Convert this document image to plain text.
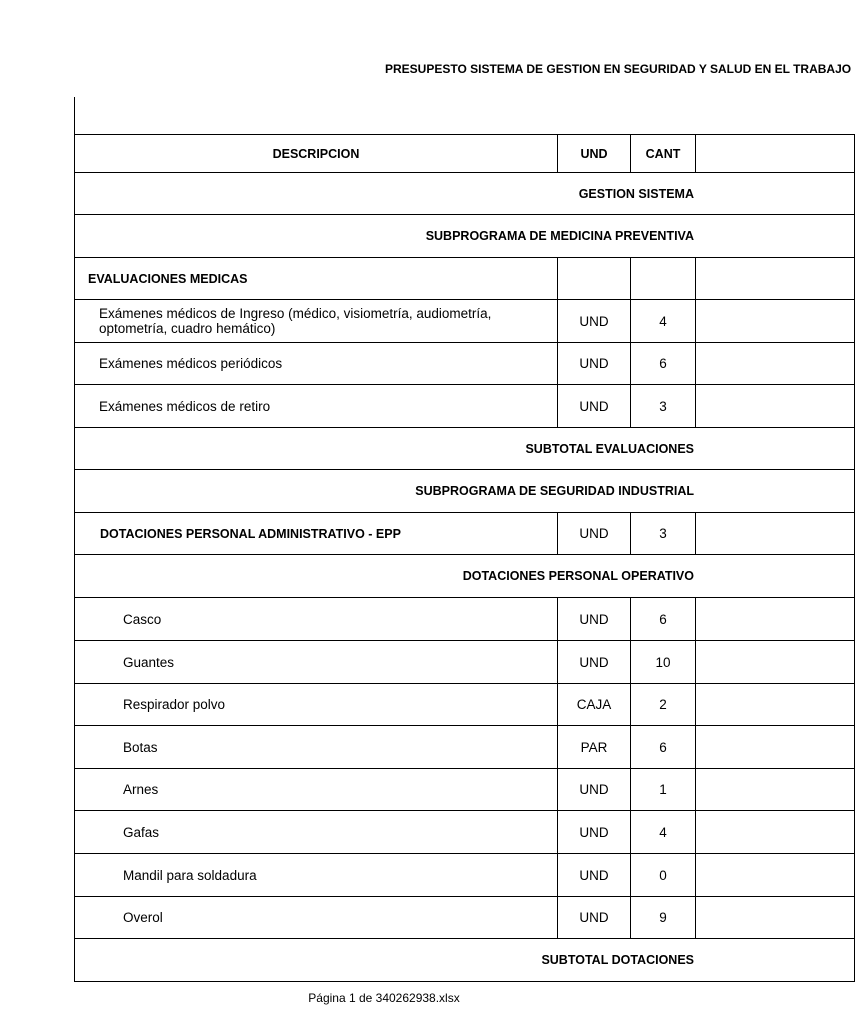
PRESUPESTO SISTEMA DE GESTION EN SEGURIDAD Y SALUD EN EL TRABAJO
DESCRIPCION	UND	CANT	

GESTION SISTEMA			

SUBPROGRAMA DE MEDICINA PREVENTIVA			

EVALUACIONES MEDICAS			
Exámenes médicos de Ingreso (médico, visiometría, audiometría, optometría, cuadro hemático)	UND	4	
Exámenes médicos periódicos	UND	6	
Exámenes médicos de retiro	UND	3	

SUBTOTAL EVALUACIONES			

SUBPROGRAMA DE SEGURIDAD INDUSTRIAL			

DOTACIONES PERSONAL ADMINISTRATIVO - EPP	UND	3	

DOTACIONES PERSONAL OPERATIVO			

Casco	UND	6	
Guantes	UND	10	
Respirador polvo	CAJA	2	
Botas	PAR	6	
Arnes	UND	1	
Gafas	UND	4	
Mandil para soldadura	UND	0	
Overol	UND	9	

SUBTOTAL DOTACIONES			
Página 1 de 340262938.xlsx
